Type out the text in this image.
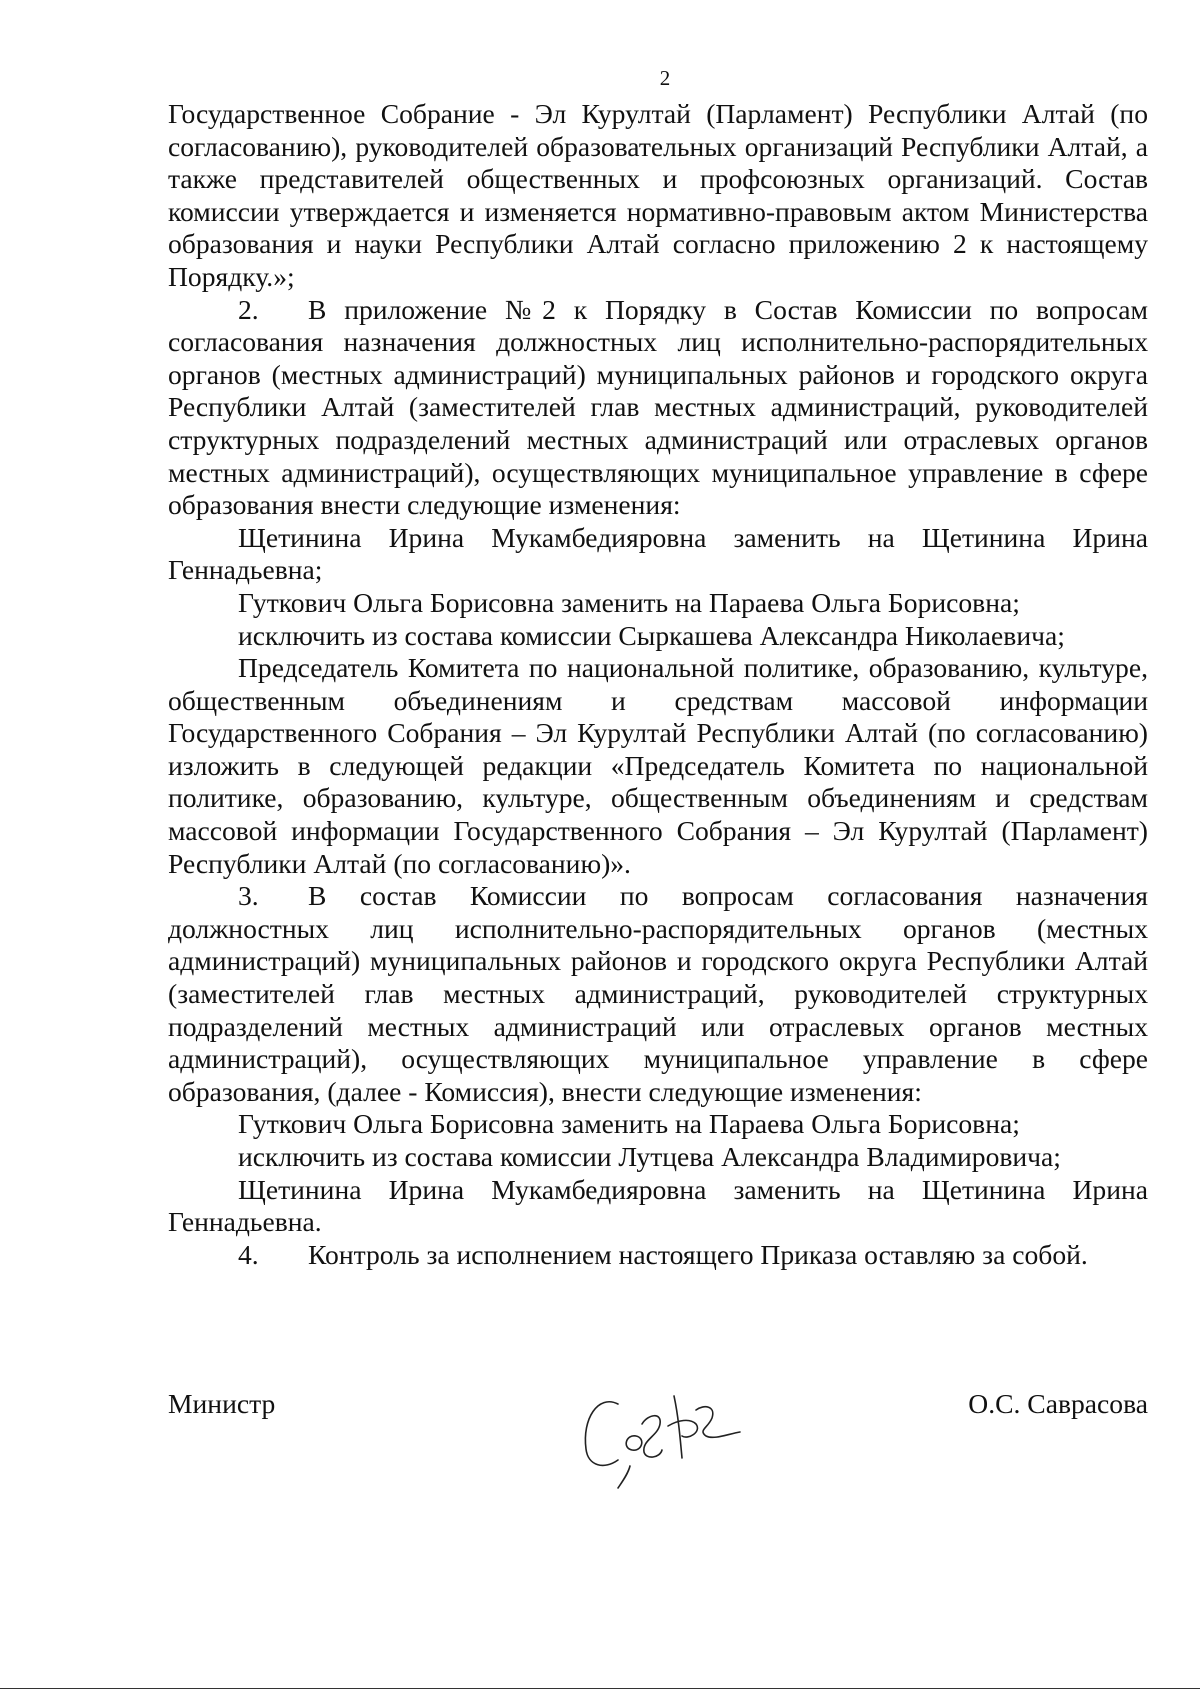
2

Государственное Собрание - Эл Курултай (Парламент) Республики Алтай (по согласованию), руководителей образовательных организаций Республики Алтай, а также представителей общественных и профсоюзных организаций. Состав комиссии утверждается и изменяется нормативно-правовым актом Министерства образования и науки Республики Алтай согласно приложению 2 к настоящему Порядку.»;

2. В приложение №2 к Порядку в Состав Комиссии по вопросам согласования назначения должностных лиц исполнительно-распорядительных органов (местных администраций) муниципальных районов и городского округа Республики Алтай (заместителей глав местных администраций, руководителей структурных подразделений местных администраций или отраслевых органов местных администраций), осуществляющих муниципальное управление в сфере образования внести следующие изменения:

Щетинина Ирина Мукамбедияровна заменить на Щетинина Ирина Геннадьевна;

Гуткович Ольга Борисовна заменить на Параева Ольга Борисовна;

исключить из состава комиссии Сыркашева Александра Николаевича;

Председатель Комитета по национальной политике, образованию, культуре, общественным объединениям и средствам массовой информации Государственного Собрания – Эл Курултай Республики Алтай (по согласованию) изложить в следующей редакции «Председатель Комитета по национальной политике, образованию, культуре, общественным объединениям и средствам массовой информации Государственного Собрания – Эл Курултай (Парламент) Республики Алтай (по согласованию)».

3. В состав Комиссии по вопросам согласования назначения должностных лиц исполнительно-распорядительных органов (местных администраций) муниципальных районов и городского округа Республики Алтай (заместителей глав местных администраций, руководителей структурных подразделений местных администраций или отраслевых органов местных администраций), осуществляющих муниципальное управление в сфере образования, (далее - Комиссия), внести следующие изменения:

Гуткович Ольга Борисовна заменить на Параева Ольга Борисовна;

исключить из состава комиссии Лутцева Александра Владимировича;

Щетинина Ирина Мукамбедияровна заменить на Щетинина Ирина Геннадьевна.

4. Контроль за исполнением настоящего Приказа оставляю за собой.

Министр	О.С. Саврасова
